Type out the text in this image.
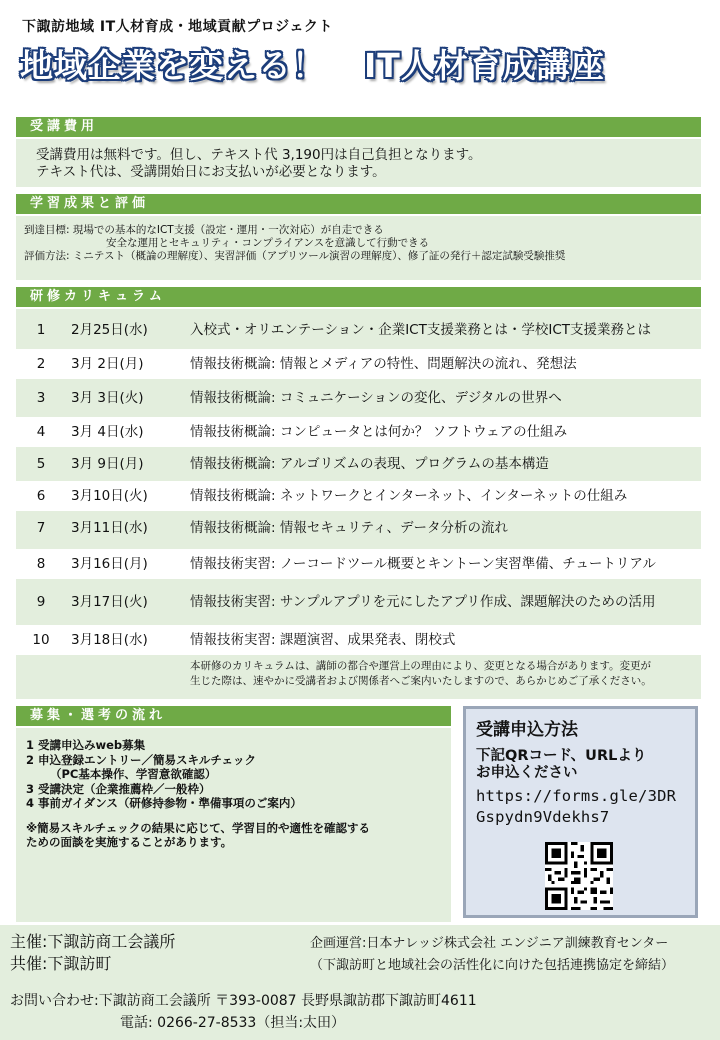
下諏訪地域 IT人材育成・地域貢献プロジェクト
地域企業を変える！ IT人材育成講座
受講費用
受講費用は無料です。但し、テキスト代 3,190円は自己負担となります。
テキスト代は、受講開始日にお支払いが必要となります。
学習成果と評価
到達目標: 現場での基本的なICT支援（設定・運用・一次対応）が自走できる
安全な運用とセキュリティ・コンプライアンスを意識して行動できる
評価方法: ミニテスト（概論の理解度）、実習評価（アプリツール演習の理解度）、修了証の発行＋認定試験受験推奨
研修カリキュラム
1	2月25日(水)	入校式・オリエンテーション・企業ICT支援業務とは・学校ICT支援業務とは
2	3月 2日(月)	情報技術概論: 情報とメディアの特性、問題解決の流れ、発想法
3	3月 3日(火)	情報技術概論: コミュニケーションの変化、デジタルの世界へ
4	3月 4日(水)	情報技術概論: コンピュータとは何か？ ソフトウェアの仕組み
5	3月 9日(月)	情報技術概論: アルゴリズムの表現、プログラムの基本構造
6	3月10日(火)	情報技術概論: ネットワークとインターネット、インターネットの仕組み
7	3月11日(水)	情報技術概論: 情報セキュリティ、データ分析の流れ
8	3月16日(月)	情報技術実習: ノーコードツール概要とキントーン実習準備、チュートリアル
9	3月17日(火)	情報技術実習: サンプルアプリを元にしたアプリ作成、課題解決のための活用
10 3月18日(水)	情報技術実習: 課題演習、成果発表、閉校式
本研修のカリキュラムは、講師の都合や運営上の理由により、変更となる場合があります。変更が
生じた際は、速やかに受講者および関係者へご案内いたしますので、あらかじめご了承ください。
募集・選考の流れ
1 受講申込みweb募集
2 申込登録エントリー／簡易スキルチェック
（PC基本操作、学習意欲確認）
3 受講決定（企業推薦枠／一般枠）
4 事前ガイダンス（研修持参物・準備事項のご案内）
※簡易スキルチェックの結果に応じて、学習目的や適性を確認する
ための面談を実施することがあります。
受講申込方法
下記QRコード、URLより
お申込ください
https://forms.gle/3DR
Gspydn9Vdekhs7
主催:下諏訪商工会議所
共催:下諏訪町
企画運営:日本ナレッジ株式会社 エンジニア訓練教育センター
（下諏訪町と地域社会の活性化に向けた包括連携協定を締結）
お問い合わせ:下諏訪商工会議所 〒393-0087 長野県諏訪郡下諏訪町4611
電話: 0266-27-8533（担当:太田）
